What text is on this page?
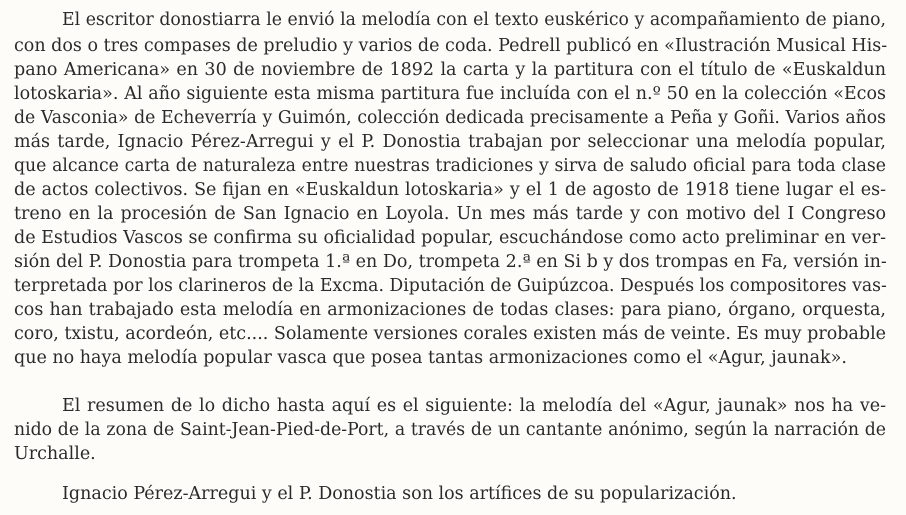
El escritor donostiarra le envió la melodía con el texto euskérico y acompañamiento de piano,
con dos o tres compases de preludio y varios de coda. Pedrell publicó en «Ilustración Musical His-
pano Americana» en 30 de noviembre de 1892 la carta y la partitura con el título de «Euskaldun
lotoskaria». Al año siguiente esta misma partitura fue incluída con el n.º 50 en la colección «Ecos
de Vasconia» de Echeverría y Guimón, colección dedicada precisamente a Peña y Goñi. Varios años
más tarde, Ignacio Pérez-Arregui y el P. Donostia trabajan por seleccionar una melodía popular,
que alcance carta de naturaleza entre nuestras tradiciones y sirva de saludo oficial para toda clase
de actos colectivos. Se fijan en «Euskaldun lotoskaria» y el 1 de agosto de 1918 tiene lugar el es-
treno en la procesión de San Ignacio en Loyola. Un mes más tarde y con motivo del I Congreso
de Estudios Vascos se confirma su oficialidad popular, escuchándose como acto preliminar en ver-
sión del P. Donostia para trompeta 1.ª en Do, trompeta 2.ª en Si b y dos trompas en Fa, versión in-
terpretada por los clarineros de la Excma. Diputación de Guipúzcoa. Después los compositores vas-
cos han trabajado esta melodía en armonizaciones de todas clases: para piano, órgano, orquesta,
coro, txistu, acordeón, etc.... Solamente versiones corales existen más de veinte. Es muy probable
que no haya melodía popular vasca que posea tantas armonizaciones como el «Agur, jaunak».
El resumen de lo dicho hasta aquí es el siguiente: la melodía del «Agur, jaunak» nos ha ve-
nido de la zona de Saint-Jean-Pied-de-Port, a través de un cantante anónimo, según la narración de
Urchalle.
Ignacio Pérez-Arregui y el P. Donostia son los artífices de su popularización.
